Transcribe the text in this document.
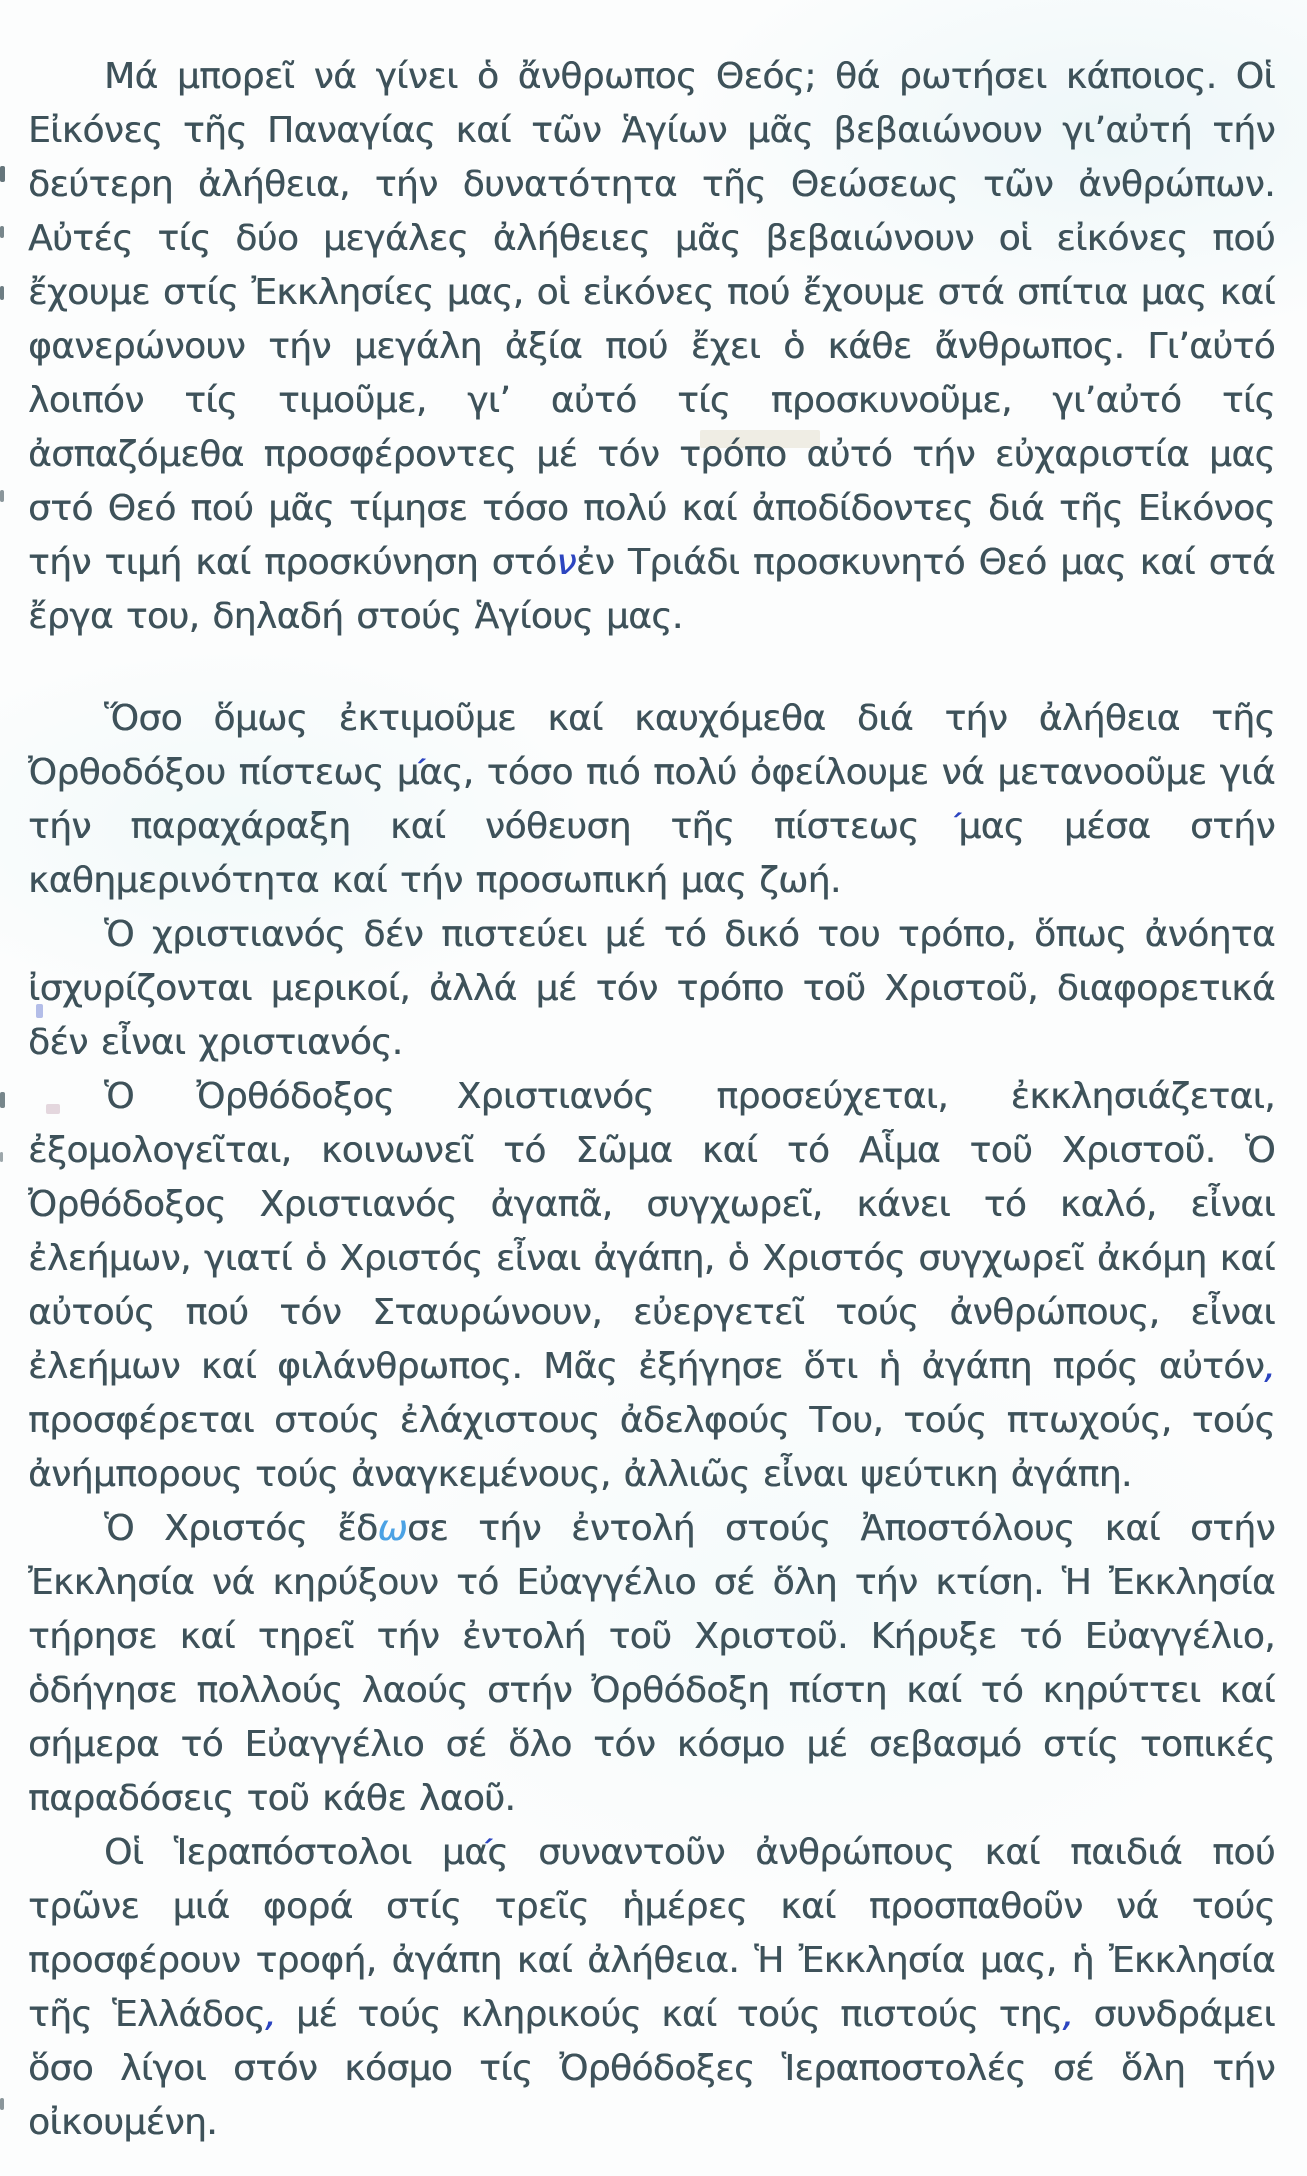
Μά μπορεῖ νά γίνει ὁ ἄνθρωπος Θεός; θά ρωτήσει κάποιος. Οἱ Εἰκόνες τῆς Παναγίας καί τῶν Ἁγίων μᾶς βεβαιώνουν γι’αὐτή τήν δεύτερη ἀλήθεια, τήν δυνατότητα τῆς Θεώσεως τῶν ἀνθρώπων. Αὐτές τίς δύο μεγάλες ἀλήθειες μᾶς βεβαιώνουν οἱ εἰκόνες πού ἔχουμε στίς Ἐκκλησίες μας, οἱ εἰκόνες πού ἔχουμε στά σπίτια μας καί φανερώνουν τήν μεγάλη ἀξία πού ἔχει ὁ κάθε ἄνθρωπος. Γι’αὐτό λοιπόν τίς τιμοῦμε, γι’ αὐτό τίς προσκυνοῦμε, γι’αὐτό τίς ἀσπαζόμεθα προσφέροντες μέ τόν τρόπο αὐτό τήν εὐχαριστία μας στό Θεό πού μᾶς τίμησε τόσο πολύ καί ἀποδίδοντες διά τῆς Εἰκόνος τήν τιμή καί προσκύνηση στόνἐν Τριάδι προσκυνητό Θεό μας καί στά ἔργα του, δηλαδή στούς Ἁγίους μας.

Ὅσο ὅμως ἐκτιμοῦμε καί καυχόμεθα διά τήν ἀλήθεια τῆς Ὀρθοδόξου πίστεω ´ς μας, τόσο πιό πολύ ὀφείλουμε νά μετανοοῦμε γιά τήν παραχάραξη καί νόθευση τῆς πίστεω ´ς μας μέσα στήν καθημερινότητα καί τήν προσωπική μας ζωή.

Ὁ χριστιανός δέν πιστεύει μέ τό δικό του τρόπο, ὅπως ἀνόητα ἰσχυρίζονται μερικοί, ἀλλά μέ τόν τρόπο τοῦ Χριστοῦ, διαφορετικά δέν εἶναι χριστιανός.

Ὁ Ὀρθόδοξος Χριστιανός προσεύχεται, ἐκκλησιάζεται, ἐξομολογεῖται, κοινωνεῖ τό Σῶμα καί τό Αἷμα τοῦ Χριστοῦ. Ὁ Ὀρθόδοξος Χριστιανός ἀγαπᾶ, συγχωρεῖ, κάνει τό καλό, εἶναι ἐλεήμων, γιατί ὁ Χριστός εἶναι ἀγάπη, ὁ Χριστός συγχωρεῖ ἀκόμη καί αὐτούς πού τόν Σταυρώνουν, εὐεργετεῖ τούς ἀνθρώπους, εἶναι ἐλεήμων καί φιλάνθρωπος. Μᾶς ἐξήγησε ὅτι ἡ ἀγάπη πρός αὐτόν, προσφέρεται στούς ἐλάχιστους ἀδελφούς Του, τούς πτωχούς, τούς ἀνήμπορους τούς ἀναγκεμένους, ἀλλιῶς εἶναι ψεύτικη ἀγάπη.

Ὁ Χριστός ἔδωσε τήν ἐντολή στούς Ἀποστόλους καί στήν Ἐκκλησία νά κηρύξουν τό Εὐαγγέλιο σέ ὅλη τήν κτίση. Ἡ Ἐκκλησία τήρησε καί τηρεῖ τήν ἐντολή τοῦ Χριστοῦ. Κήρυξε τό Εὐαγγέλιο, ὁδήγησε πολλούς λαούς στήν Ὀρθόδοξη πίστη καί τό κηρύττει καί σήμερα τό Εὐαγγέλιο σέ ὅλο τόν κόσμο μέ σεβασμό στίς τοπικές παραδόσεις τοῦ κάθε λαοῦ.

Οἱ Ἱεραπόστολοι ´ μας συναντοῦν ἀνθρώπους καί παιδιά πού τρῶνε μιά φορά στίς τρεῖς ἡμέρες καί προσπαθοῦν νά τούς προσφέρουν τροφή, ἀγάπη καί ἀλήθεια. Ἡ Ἐκκλησία μας, ἡ Ἐκκλησία τῆς Ἑλλάδος, μέ τούς κληρικούς καί τούς πιστούς της, συνδράμει ὅσο λίγοι στόν κόσμο τίς Ὀρθόδοξες Ἱεραποστολές σέ ὅλη τήν οἰκουμένη.
